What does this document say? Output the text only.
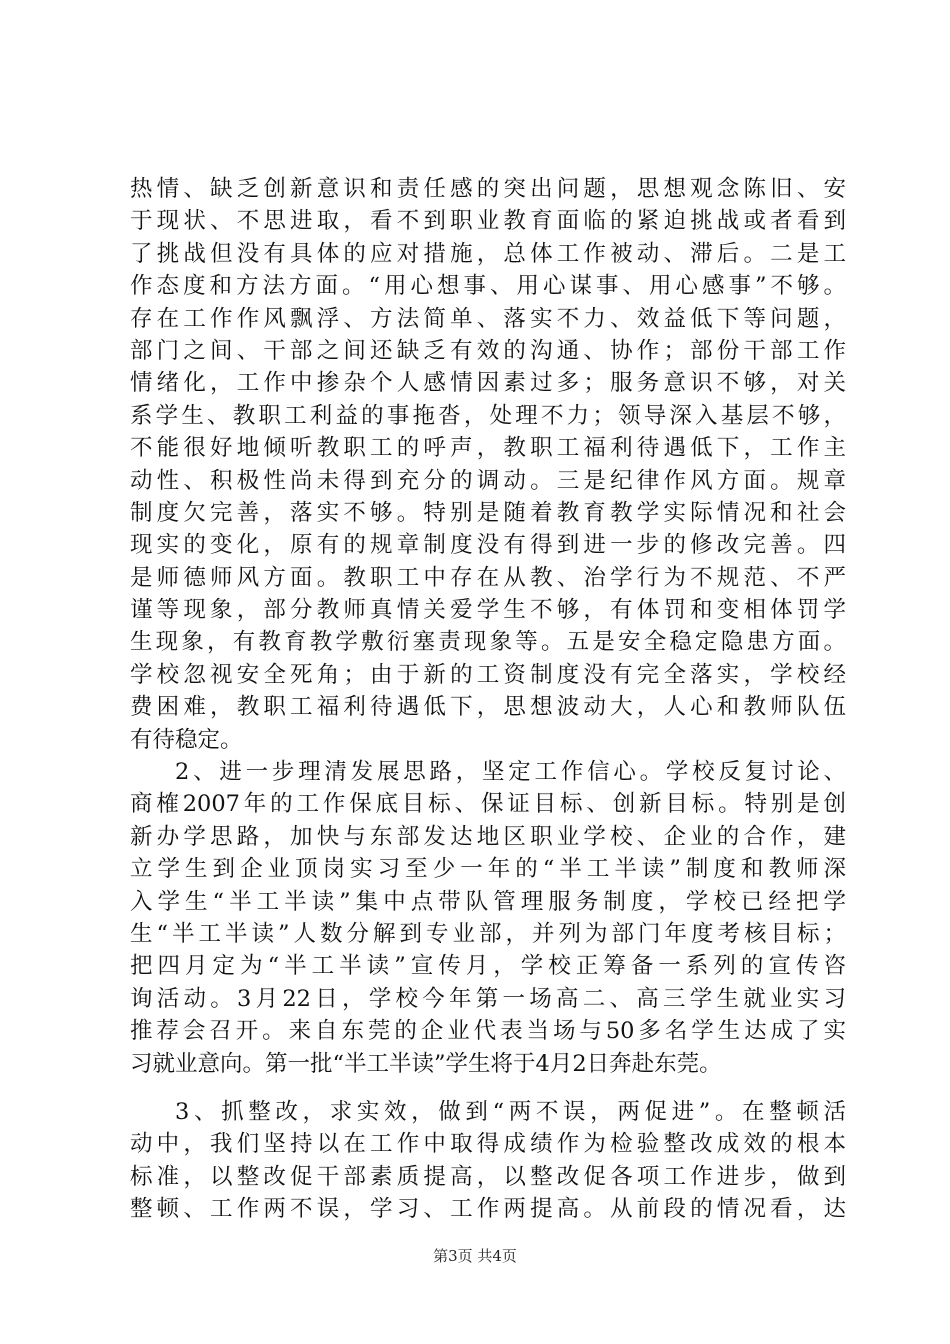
热情、缺乏创新意识和责任感的突出问题，思想观念陈旧、安
于现状、不思进取，看不到职业教育面临的紧迫挑战或者看到
了挑战但没有具体的应对措施，总体工作被动、滞后。二是工
作态度和方法方面。“用心想事、用心谋事、用心感事”不够。
存在工作作风飘浮、方法简单、落实不力、效益低下等问题，
部门之间、干部之间还缺乏有效的沟通、协作；部份干部工作
情绪化，工作中掺杂个人感情因素过多；服务意识不够，对关
系学生、教职工利益的事拖沓，处理不力；领导深入基层不够，
不能很好地倾听教职工的呼声，教职工福利待遇低下，工作主
动性、积极性尚未得到充分的调动。三是纪律作风方面。规章
制度欠完善，落实不够。特别是随着教育教学实际情况和社会
现实的变化，原有的规章制度没有得到进一步的修改完善。四
是师德师风方面。教职工中存在从教、治学行为不规范、不严
谨等现象，部分教师真情关爱学生不够，有体罚和变相体罚学
生现象，有教育教学敷衍塞责现象等。五是安全稳定隐患方面。
学校忽视安全死角；由于新的工资制度没有完全落实，学校经
费困难，教职工福利待遇低下，思想波动大，人心和教师队伍
有待稳定。
2、进一步理清发展思路，坚定工作信心。学校反复讨论、
商榷2007年的工作保底目标、保证目标、创新目标。特别是创
新办学思路，加快与东部发达地区职业学校、企业的合作，建
立学生到企业顶岗实习至少一年的“半工半读”制度和教师深
入学生“半工半读”集中点带队管理服务制度，学校已经把学
生“半工半读”人数分解到专业部，并列为部门年度考核目标；
把四月定为“半工半读”宣传月，学校正筹备一系列的宣传咨
询活动。3月22日，学校今年第一场高二、高三学生就业实习
推荐会召开。来自东莞的企业代表当场与50多名学生达成了实
习就业意向。第一批“半工半读”学生将于4月2日奔赴东莞。
3、抓整改，求实效，做到“两不误，两促进”。在整顿活
动中，我们坚持以在工作中取得成绩作为检验整改成效的根本
标准，以整改促干部素质提高，以整改促各项工作进步，做到
整顿、工作两不误，学习、工作两提高。从前段的情况看，达
第3页 共4页
